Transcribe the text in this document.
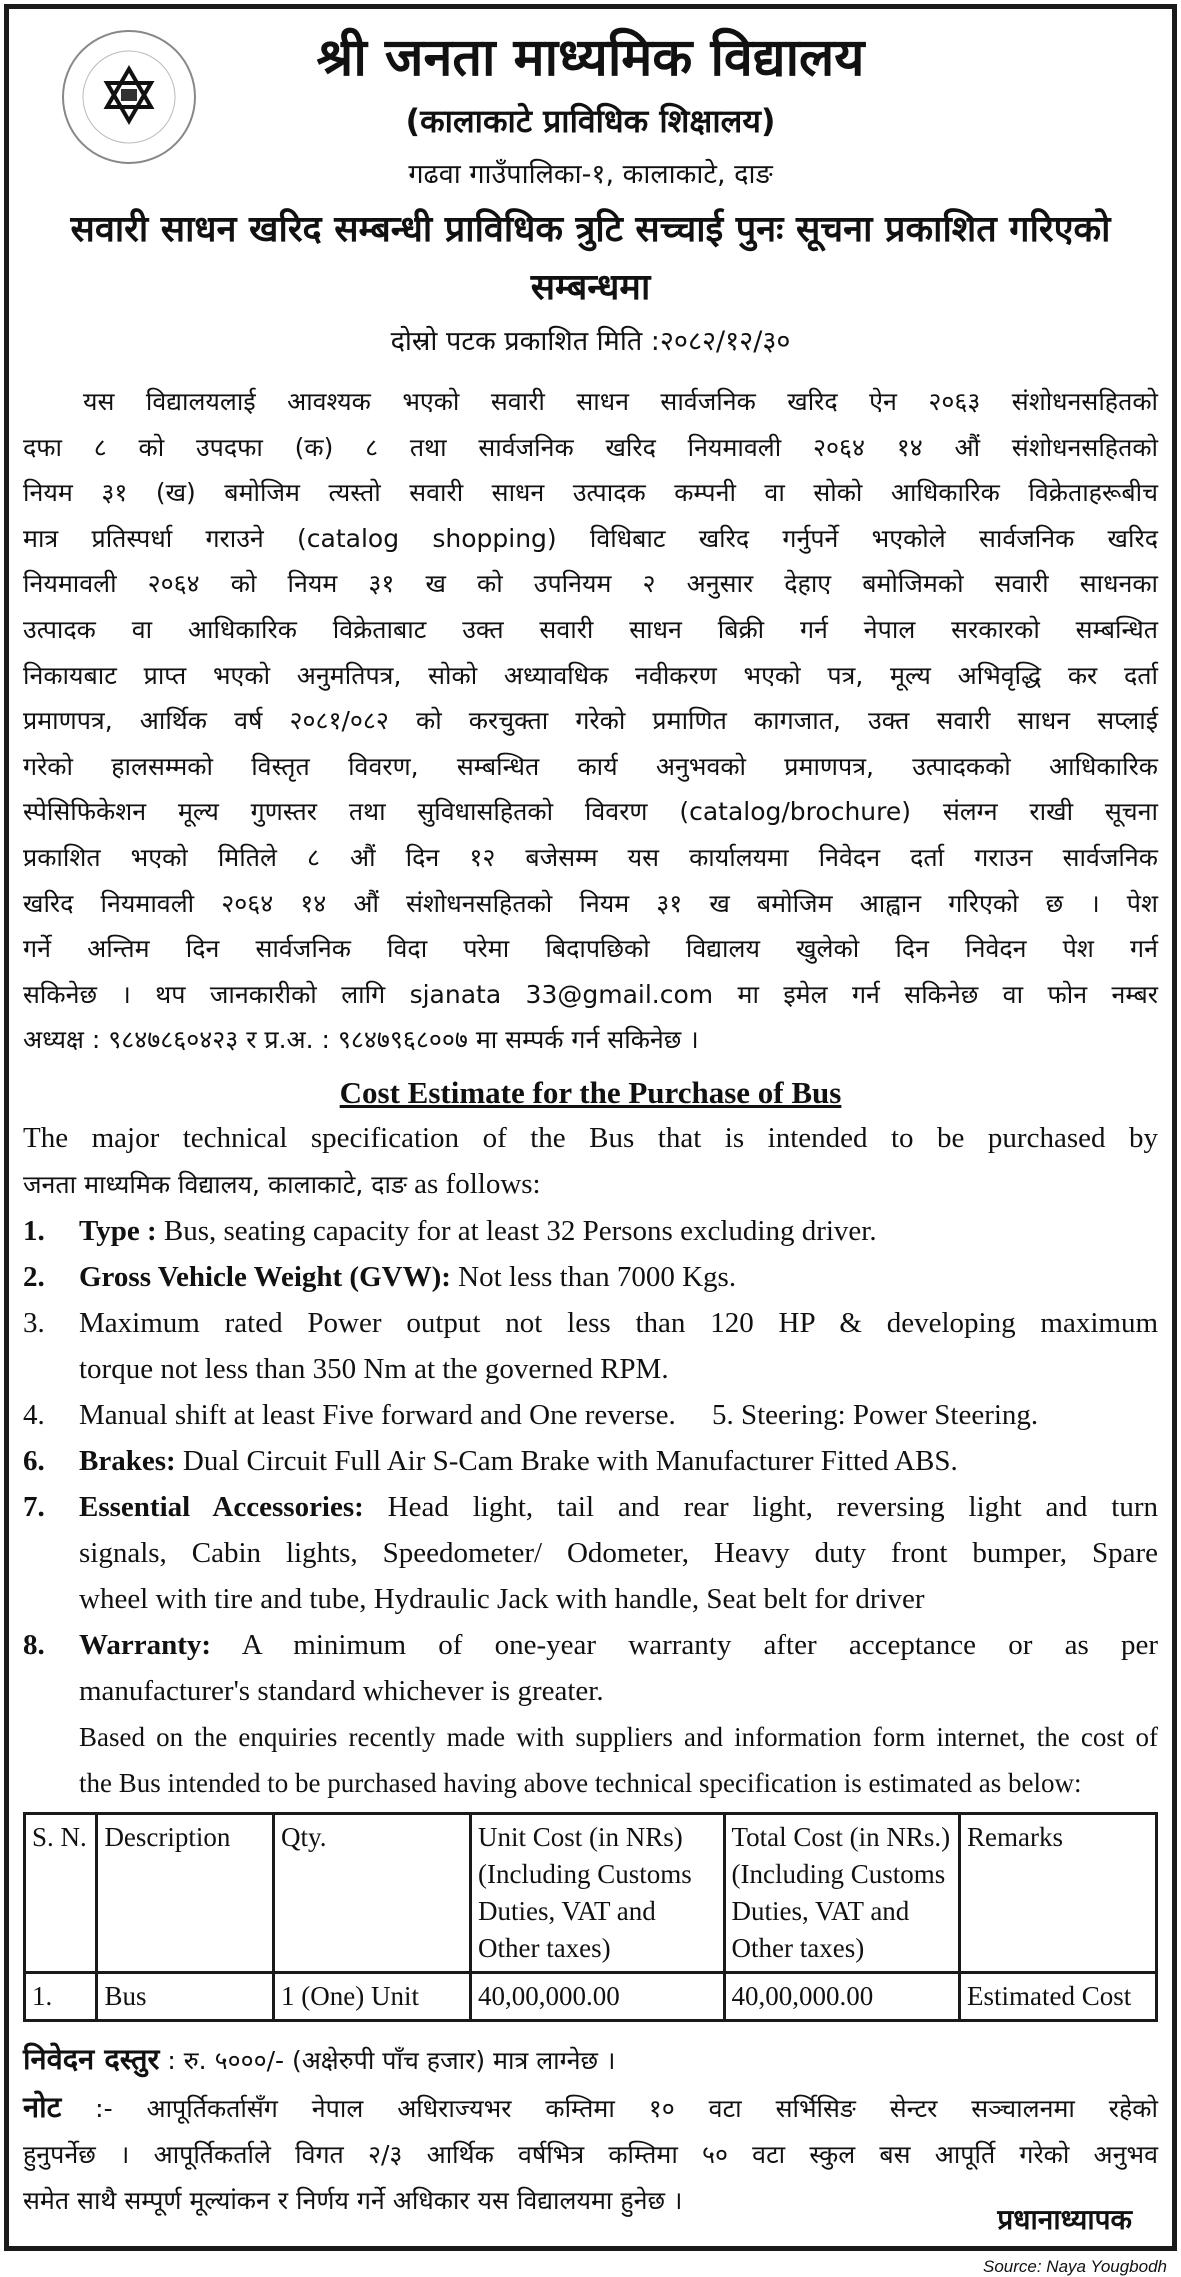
श्री जनता माध्यमिक विद्यालय
(कालाकाटे प्राविधिक शिक्षालय)
गढवा गाउँपालिका-१, कालाकाटे, दाङ
सवारी साधन खरिद सम्बन्धी प्राविधिक त्रुटि सच्चाई पुनः सूचना प्रकाशित गरिएको सम्बन्धमा
दोस्रो पटक प्रकाशित मिति :२०८२/१२/३०
यस विद्यालयलाई आवश्यक भएको सवारी साधन सार्वजनिक खरिद ऐन २०६३ संशोधनसहितको
दफा ८ को उपदफा (क) ८ तथा सार्वजनिक खरिद नियमावली २०६४ १४ औं संशोधनसहितको
नियम ३१ (ख) बमोजिम त्यस्तो सवारी साधन उत्पादक कम्पनी वा सोको आधिकारिक विक्रेताहरूबीच
मात्र प्रतिस्पर्धा गराउने (catalog shopping) विधिबाट खरिद गर्नुपर्ने भएकोले सार्वजनिक खरिद
नियमावली २०६४ को नियम ३१ ख को उपनियम २ अनुसार देहाए बमोजिमको सवारी साधनका
उत्पादक वा आधिकारिक विक्रेताबाट उक्त सवारी साधन बिक्री गर्न नेपाल सरकारको सम्बन्धित
निकायबाट प्राप्त भएको अनुमतिपत्र, सोको अध्यावधिक नवीकरण भएको पत्र, मूल्य अभिवृद्धि कर दर्ता
प्रमाणपत्र, आर्थिक वर्ष २०८१/०८२ को करचुक्ता गरेको प्रमाणित कागजात, उक्त सवारी साधन सप्लाई
गरेको हालसम्मको विस्तृत विवरण, सम्बन्धित कार्य अनुभवको प्रमाणपत्र, उत्पादकको आधिकारिक
स्पेसिफिकेशन मूल्य गुणस्तर तथा सुविधासहितको विवरण (catalog/brochure) संलग्न राखी सूचना
प्रकाशित भएको मितिले ८ औं दिन १२ बजेसम्म यस कार्यालयमा निवेदन दर्ता गराउन सार्वजनिक
खरिद नियमावली २०६४ १४ औं संशोधनसहितको नियम ३१ ख बमोजिम आह्वान गरिएको छ । पेश
गर्ने अन्तिम दिन सार्वजनिक विदा परेमा बिदापछिको विद्यालय खुलेको दिन निवेदन पेश गर्न
सकिनेछ । थप जानकारीको लागि sjanata 33@gmail.com मा इमेल गर्न सकिनेछ वा फोन नम्बर
अध्यक्ष : ९८४७८६०४२३ र प्र.अ. : ९८४७९६८००७ मा सम्पर्क गर्न सकिनेछ ।
Cost Estimate for the Purchase of Bus
The major technical specification of the Bus that is intended to be purchased by
जनता माध्यमिक विद्यालय, कालाकाटे, दाङ as follows:
1.	Type : Bus, seating capacity for at least 32 Persons excluding driver.
2.	Gross Vehicle Weight (GVW): Not less than 7000 Kgs.
3.	Maximum rated Power output not less than 120 HP & developing maximum
torque not less than 350 Nm at the governed RPM.
4.	Manual shift at least Five forward and One reverse.     5. Steering: Power Steering.
6.	Brakes: Dual Circuit Full Air S-Cam Brake with Manufacturer Fitted ABS.
7.	Essential Accessories: Head light, tail and rear light, reversing light and turn
signals, Cabin lights, Speedometer/ Odometer, Heavy duty front bumper, Spare
wheel with tire and tube, Hydraulic Jack with handle, Seat belt for driver
8.	Warranty: A minimum of one-year warranty after acceptance or as per
manufacturer's standard whichever is greater.
Based on the enquiries recently made with suppliers and information form internet, the cost of
the Bus intended to be purchased having above technical specification is estimated as below:
S. N.	Description	Qty.	Unit Cost (in NRs) (Including Customs Duties, VAT and Other taxes)	Total Cost (in NRs.) (Including Customs Duties, VAT and Other taxes)	Remarks
1.	Bus	1 (One) Unit	40,00,000.00	40,00,000.00	Estimated Cost
निवेदन दस्तुर : रु. ५०००/- (अक्षेरुपी पाँच हजार) मात्र लाग्नेछ ।
नोट :- आपूर्तिकर्तासँग नेपाल अधिराज्यभर कम्तिमा १० वटा सर्भिसिङ सेन्टर सञ्चालनमा रहेको
हुनुपर्नेछ । आपूर्तिकर्ताले विगत २/३ आर्थिक वर्षभित्र कम्तिमा ५० वटा स्कुल बस आपूर्ति गरेको अनुभव
समेत साथै सम्पूर्ण मूल्यांकन र निर्णय गर्ने अधिकार यस विद्यालयमा हुनेछ ।
प्रधानाध्यापक
Source: Naya Yougbodh
